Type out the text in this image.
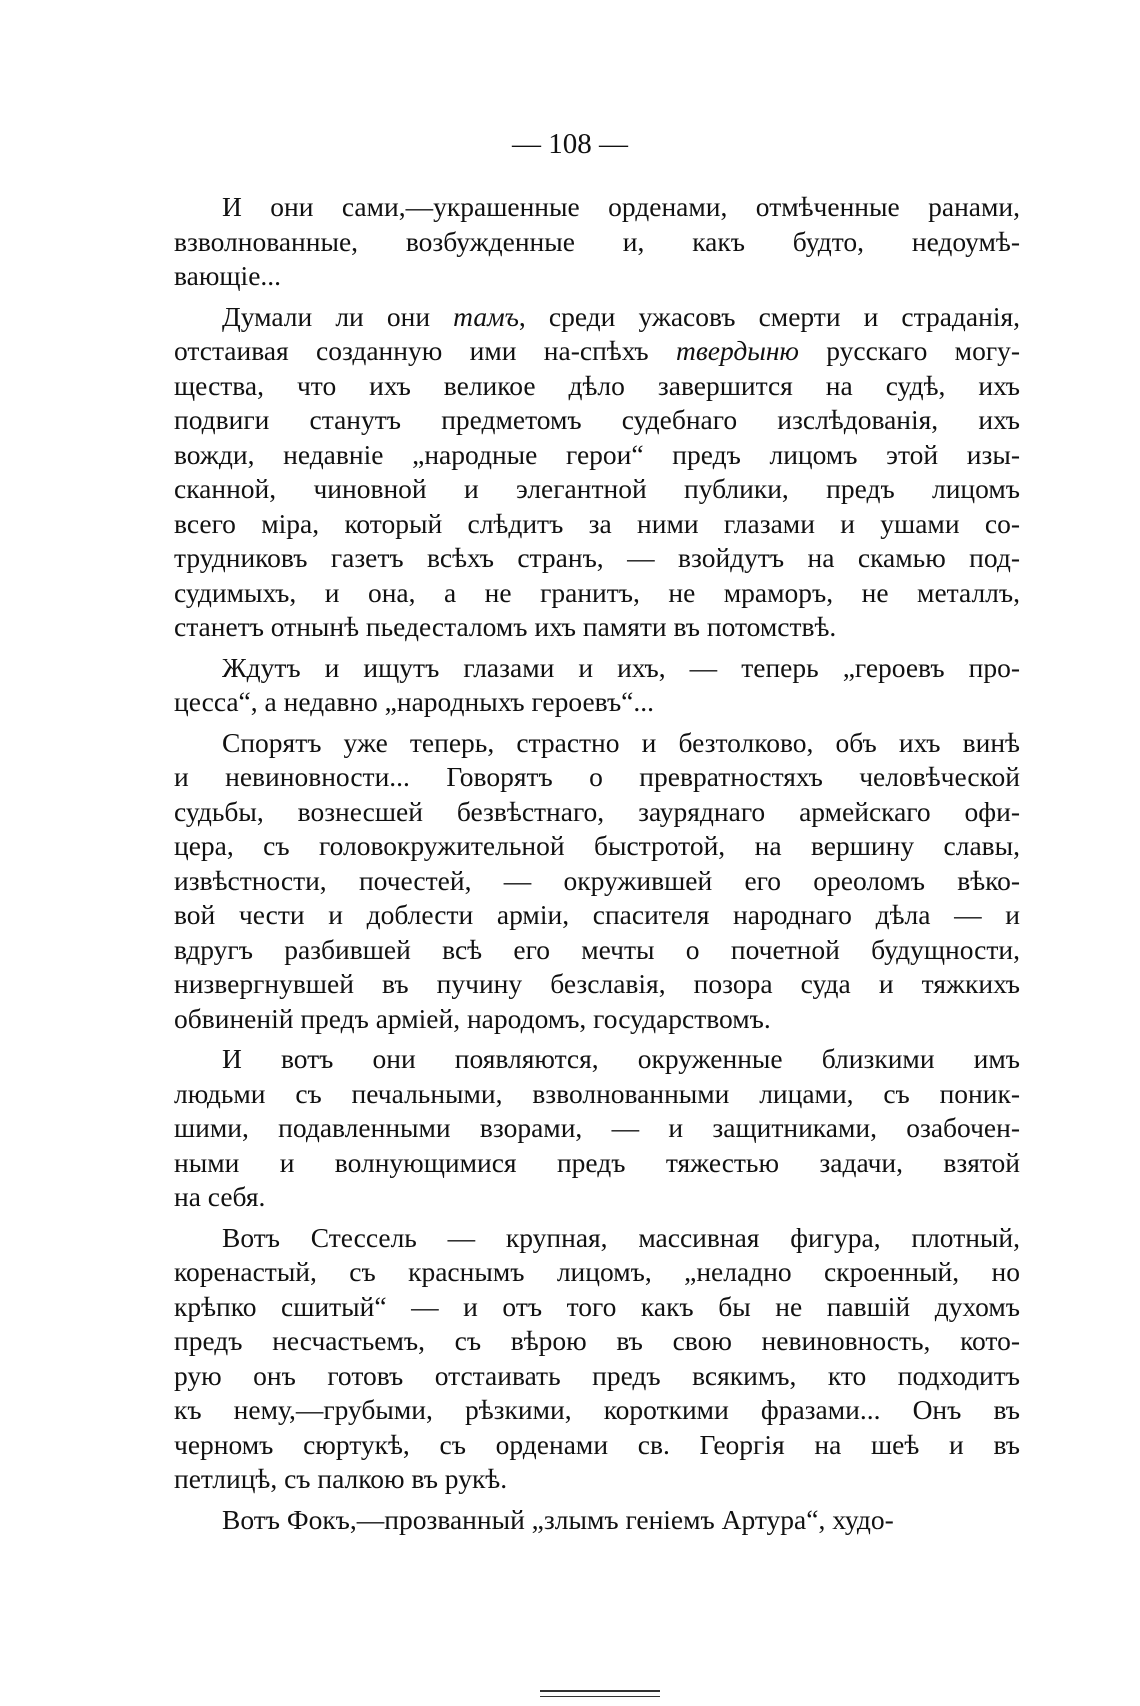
— 108 —
И они сами,—украшенные орденами, отмѣченные ранами,
взволнованные, возбужденные и, какъ будто, недоумѣ-
вающіе...
Думали ли они тамъ, среди ужасовъ смерти и страданія,
отстаивая созданную ими на-спѣхъ твердыню русскаго могу-
щества, что ихъ великое дѣло завершится на судѣ, ихъ
подвиги станутъ предметомъ судебнаго изслѣдованія, ихъ
вожди, недавніе „народные герои“ предъ лицомъ этой изы-
сканной, чиновной и элегантной публики, предъ лицомъ
всего міра, который слѣдитъ за ними глазами и ушами со-
трудниковъ газетъ всѣхъ странъ, — взойдутъ на скамью под-
судимыхъ, и она, а не гранитъ, не мраморъ, не металлъ,
станетъ отнынѣ пьедесталомъ ихъ памяти въ потомствѣ.
Ждутъ и ищутъ глазами и ихъ, — теперь „героевъ про-
цесса“, а недавно „народныхъ героевъ“...
Спорятъ уже теперь, страстно и безтолково, объ ихъ винѣ
и невиновности... Говорятъ о превратностяхъ человѣческой
судьбы, вознесшей безвѣстнаго, зауряднаго армейскаго офи-
цера, съ головокружительной быстротой, на вершину славы,
извѣстности, почестей, — окружившей его ореоломъ вѣко-
вой чести и доблести арміи, спасителя народнаго дѣла — и
вдругъ разбившей всѣ его мечты о почетной будущности,
низвергнувшей въ пучину безславія, позора суда и тяжкихъ
обвиненій предъ арміей, народомъ, государствомъ.
И вотъ они появляются, окруженные близкими имъ
людьми съ печальными, взволнованными лицами, съ поник-
шими, подавленными взорами, — и защитниками, озабочен-
ными и волнующимися предъ тяжестью задачи, взятой
на себя.
Вотъ Стессель — крупная, массивная фигура, плотный,
коренастый, съ краснымъ лицомъ, „неладно скроенный, но
крѣпко сшитый“ — и отъ того какъ бы не павшій духомъ
предъ несчастьемъ, съ вѣрою въ свою невиновность, кото-
рую онъ готовъ отстаивать предъ всякимъ, кто подходитъ
къ нему,—грубыми, рѣзкими, короткими фразами... Онъ въ
черномъ сюртукѣ, съ орденами св. Георгія на шеѣ и въ
петлицѣ, съ палкою въ рукѣ.
Вотъ Фокъ,—прозванный „злымъ геніемъ Артура“, худо-
